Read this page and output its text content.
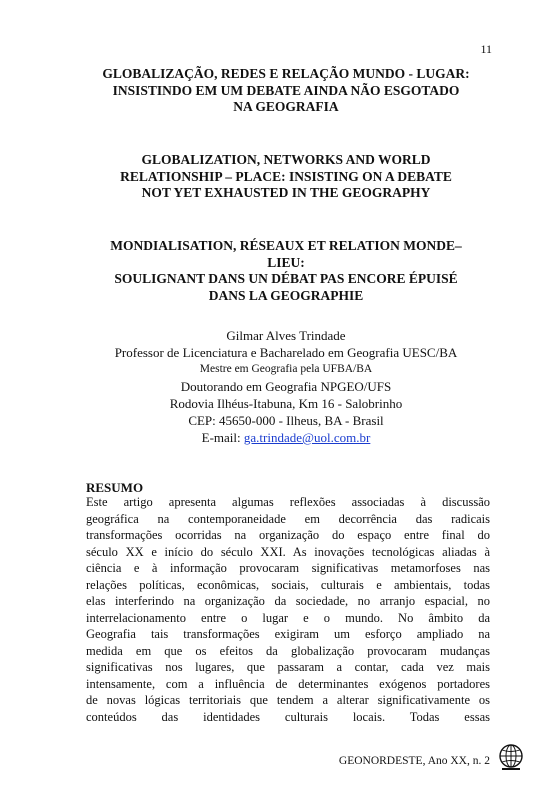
11
GLOBALIZAÇÃO, REDES E RELAÇÃO MUNDO - LUGAR:
INSISTINDO EM UM DEBATE AINDA NÃO ESGOTADO
NA GEOGRAFIA
GLOBALIZATION, NETWORKS AND WORLD
RELATIONSHIP – PLACE: INSISTING ON A DEBATE
NOT YET EXHAUSTED IN THE GEOGRAPHY
MONDIALISATION, RÉSEAUX ET RELATION MONDE–
LIEU:
SOULIGNANT DANS UN DÉBAT PAS ENCORE ÉPUISÉ
DANS LA GEOGRAPHIE
Gilmar Alves Trindade
Professor de Licenciatura e Bacharelado em Geografia UESC/BA
Mestre em Geografia pela UFBA/BA
Doutorando em Geografia NPGEO/UFS
Rodovia Ilhéus-Itabuna, Km 16 - Salobrinho
CEP: 45650-000 - Ilheus, BA - Brasil
E-mail: ga.trindade@uol.com.br
RESUMO
Este artigo apresenta algumas reflexões associadas à discussão
geográfica na contemporaneidade em decorrência das radicais
transformações ocorridas na organização do espaço entre final do
século XX e início do século XXI. As inovações tecnológicas aliadas à
ciência e à informação provocaram significativas metamorfoses nas
relações políticas, econômicas, sociais, culturais e ambientais, todas
elas interferindo na organização da sociedade, no arranjo espacial, no
interrelacionamento entre o lugar e o mundo. No âmbito da
Geografia tais transformações exigiram um esforço ampliado na
medida em que os efeitos da globalização provocaram mudanças
significativas nos lugares, que passaram a contar, cada vez mais
intensamente, com a influência de determinantes exógenos portadores
de novas lógicas territoriais que tendem a alterar significativamente os
conteúdos das identidades culturais locais. Todas essas
GEONORDESTE, Ano XX, n. 2
